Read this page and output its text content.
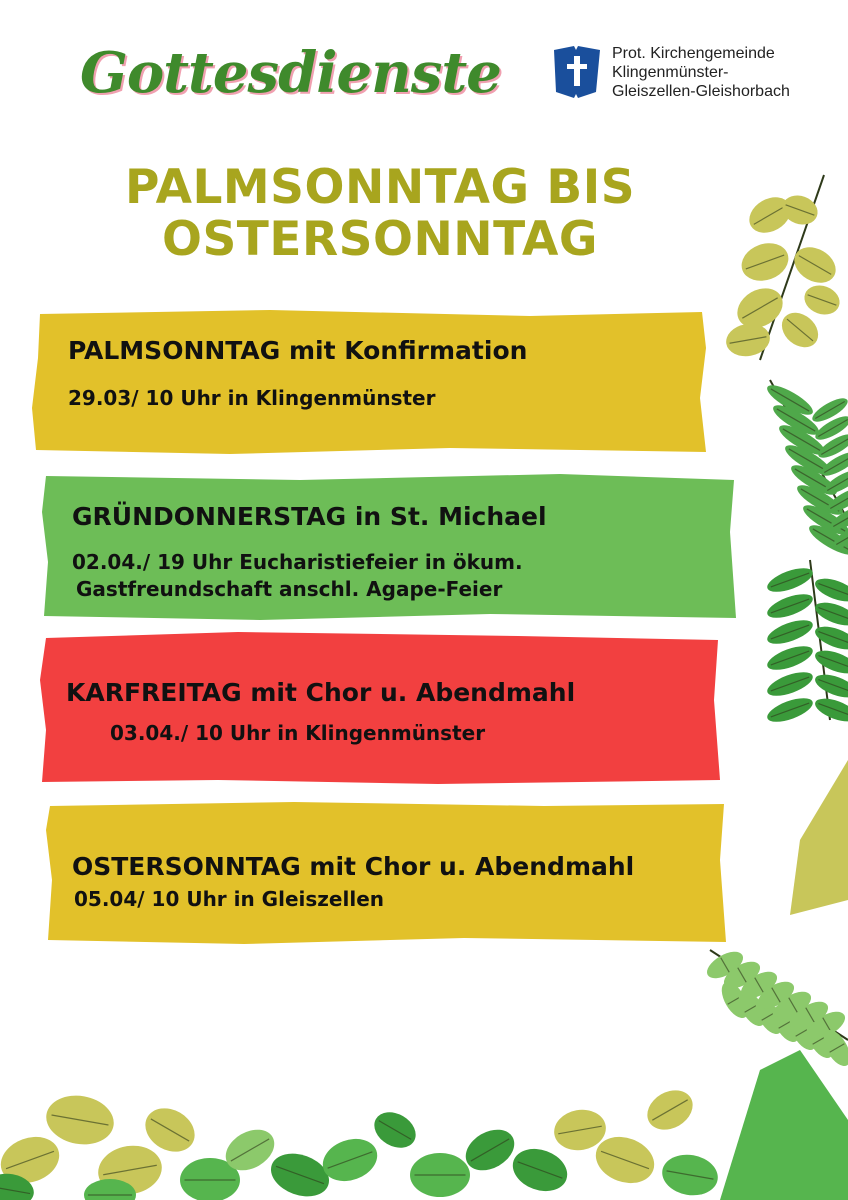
Gottesdienste	Prot. Kirchengemeinde
Klingenmünster-
Gleiszellen-Gleishorbach
PALMSONNTAG BIS
OSTERSONNTAG
PALMSONNTAG mit Konfirmation
29.03/ 10 Uhr in Klingenmünster
GRÜNDONNERSTAG in St. Michael
02.04./ 19 Uhr Eucharistiefeier in ökum.
Gastfreundschaft anschl. Agape-Feier
KARFREITAG mit Chor u. Abendmahl
03.04./ 10 Uhr in Klingenmünster
OSTERSONNTAG mit Chor u. Abendmahl
05.04/ 10 Uhr in Gleiszellen
